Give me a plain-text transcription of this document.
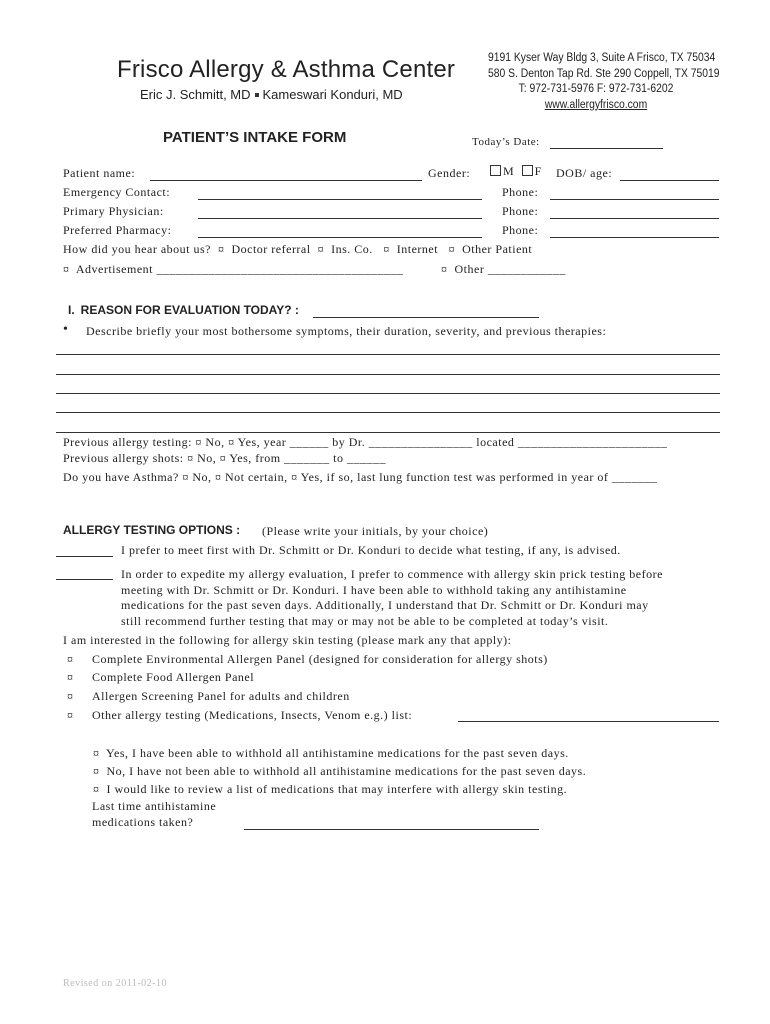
Frisco Allergy & Asthma Center
Eric J. Schmitt, MD Kameswari Konduri, MD
9191 Kyser Way Bldg 3, Suite A Frisco, TX 75034
580 S. Denton Tap Rd. Ste 290 Coppell, TX 75019
T: 972-731-5976 F: 972-731-6202
www.allergyfrisco.com
PATIENT’S INTAKE FORM	Today’s Date:
Patient name:	Gender:	M F DOB/ age:
Emergency Contact:	Phone:
Primary Physician:	Phone:
Preferred Pharmacy:	Phone:
How did you hear about us?  ¤  Doctor referral  ¤  Ins. Co.   ¤  Internet   ¤  Other Patient
¤  Advertisement ______________________________________	¤  Other ____________
I. REASON FOR EVALUATION TODAY? :
• Describe briefly your most bothersome symptoms, their duration, severity, and previous therapies:
Previous allergy testing: ¤ No, ¤ Yes, year ______ by Dr. ________________ located _______________________
Previous allergy shots: ¤ No, ¤ Yes, from _______ to ______
Do you have Asthma? ¤ No, ¤ Not certain, ¤ Yes, if so, last lung function test was performed in year of _______
ALLERGY TESTING OPTIONS : (Please write your initials, by your choice)
I prefer to meet first with Dr. Schmitt or Dr. Konduri to decide what testing, if any, is advised.
In order to expedite my allergy evaluation, I prefer to commence with allergy skin prick testing before
meeting with Dr. Schmitt or Dr. Konduri. I have been able to withhold taking any antihistamine
medications for the past seven days. Additionally, I understand that Dr. Schmitt or Dr. Konduri may
still recommend further testing that may or may not be able to be completed at today’s visit.
I am interested in the following for allergy skin testing (please mark any that apply):
¤ Complete Environmental Allergen Panel (designed for consideration for allergy shots)
¤ Complete Food Allergen Panel
¤ Allergen Screening Panel for adults and children
¤ Other allergy testing (Medications, Insects, Venom e.g.) list:
¤  Yes, I have been able to withhold all antihistamine medications for the past seven days.
¤  No, I have not been able to withhold all antihistamine medications for the past seven days.
¤  I would like to review a list of medications that may interfere with allergy skin testing.
Last time antihistamine
medications taken?
Revised on 2011-02-10
